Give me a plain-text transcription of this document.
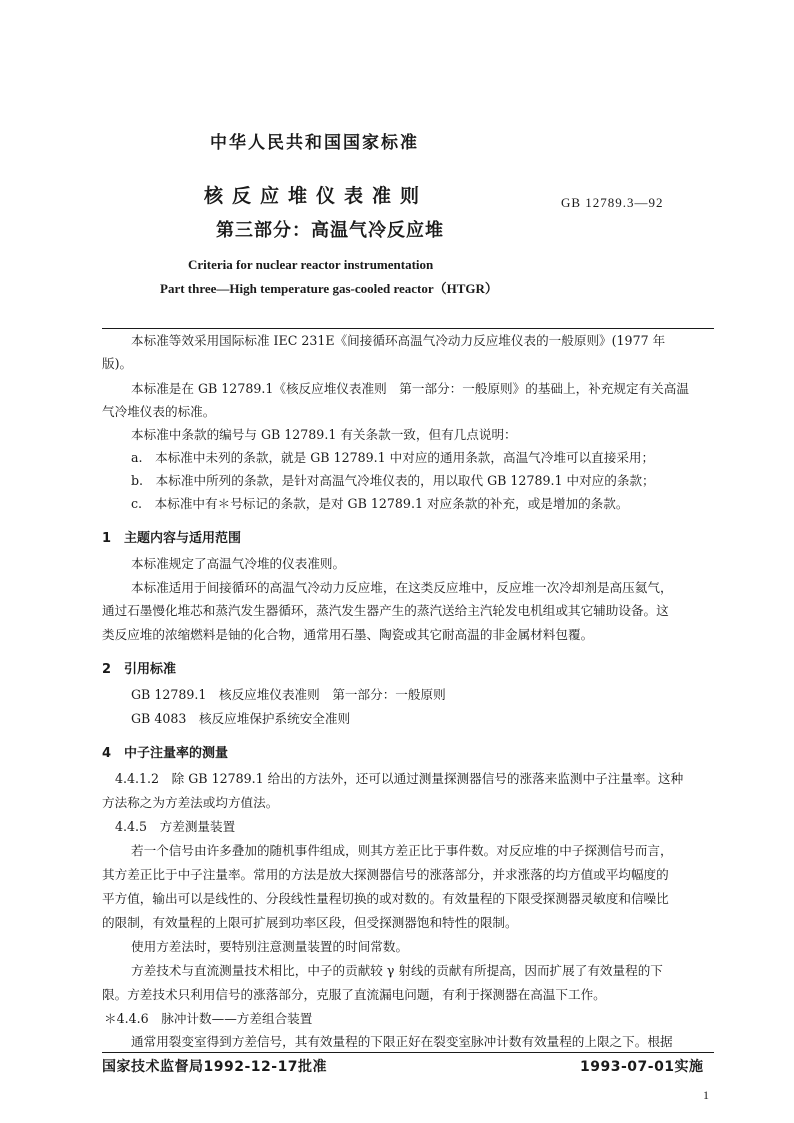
中华人民共和国国家标准
核反应堆仪表准则
第三部分：高温气冷反应堆
GB 12789.3—92
Criteria for nuclear reactor instrumentation
Part three—High temperature gas-cooled reactor（HTGR）
本标准等效采用国际标准 IEC 231E《间接循环高温气冷动力反应堆仪表的一般原则》(1977 年
版)。
本标准是在 GB 12789.1《核反应堆仪表准则　第一部分：一般原则》的基础上，补充规定有关高温
气冷堆仪表的标准。
本标准中条款的编号与 GB 12789.1 有关条款一致，但有几点说明：
a.　本标准中未列的条款，就是 GB 12789.1 中对应的通用条款，高温气冷堆可以直接采用；
b.　本标准中所列的条款，是针对高温气冷堆仪表的，用以取代 GB 12789.1 中对应的条款；
c.　本标准中有＊号标记的条款，是对 GB 12789.1 对应条款的补充，或是增加的条款。
1　主题内容与适用范围
本标准规定了高温气冷堆的仪表准则。
本标准适用于间接循环的高温气冷动力反应堆，在这类反应堆中，反应堆一次冷却剂是高压氦气，
通过石墨慢化堆芯和蒸汽发生器循环，蒸汽发生器产生的蒸汽送给主汽轮发电机组或其它辅助设备。这
类反应堆的浓缩燃料是铀的化合物，通常用石墨、陶瓷或其它耐高温的非金属材料包覆。
2　引用标准
GB 12789.1　核反应堆仪表准则　第一部分：一般原则
GB 4083　核反应堆保护系统安全准则
4　中子注量率的测量
4.4.1.2　除 GB 12789.1 给出的方法外，还可以通过测量探测器信号的涨落来监测中子注量率。这种
方法称之为方差法或均方值法。
4.4.5　方差测量装置
若一个信号由许多叠加的随机事件组成，则其方差正比于事件数。对反应堆的中子探测信号而言，
其方差正比于中子注量率。常用的方法是放大探测器信号的涨落部分，并求涨落的均方值或平均幅度的
平方值，输出可以是线性的、分段线性量程切换的或对数的。有效量程的下限受探测器灵敏度和信噪比
的限制，有效量程的上限可扩展到功率区段，但受探测器饱和特性的限制。
使用方差法时，要特别注意测量装置的时间常数。
方差技术与直流测量技术相比，中子的贡献较 γ 射线的贡献有所提高，因而扩展了有效量程的下
限。方差技术只利用信号的涨落部分，克服了直流漏电问题，有利于探测器在高温下工作。
＊4.4.6　脉冲计数——方差组合装置
通常用裂变室得到方差信号，其有效量程的下限正好在裂变室脉冲计数有效量程的上限之下。根据
国家技术监督局1992-12-17批准	1993-07-01实施
1
